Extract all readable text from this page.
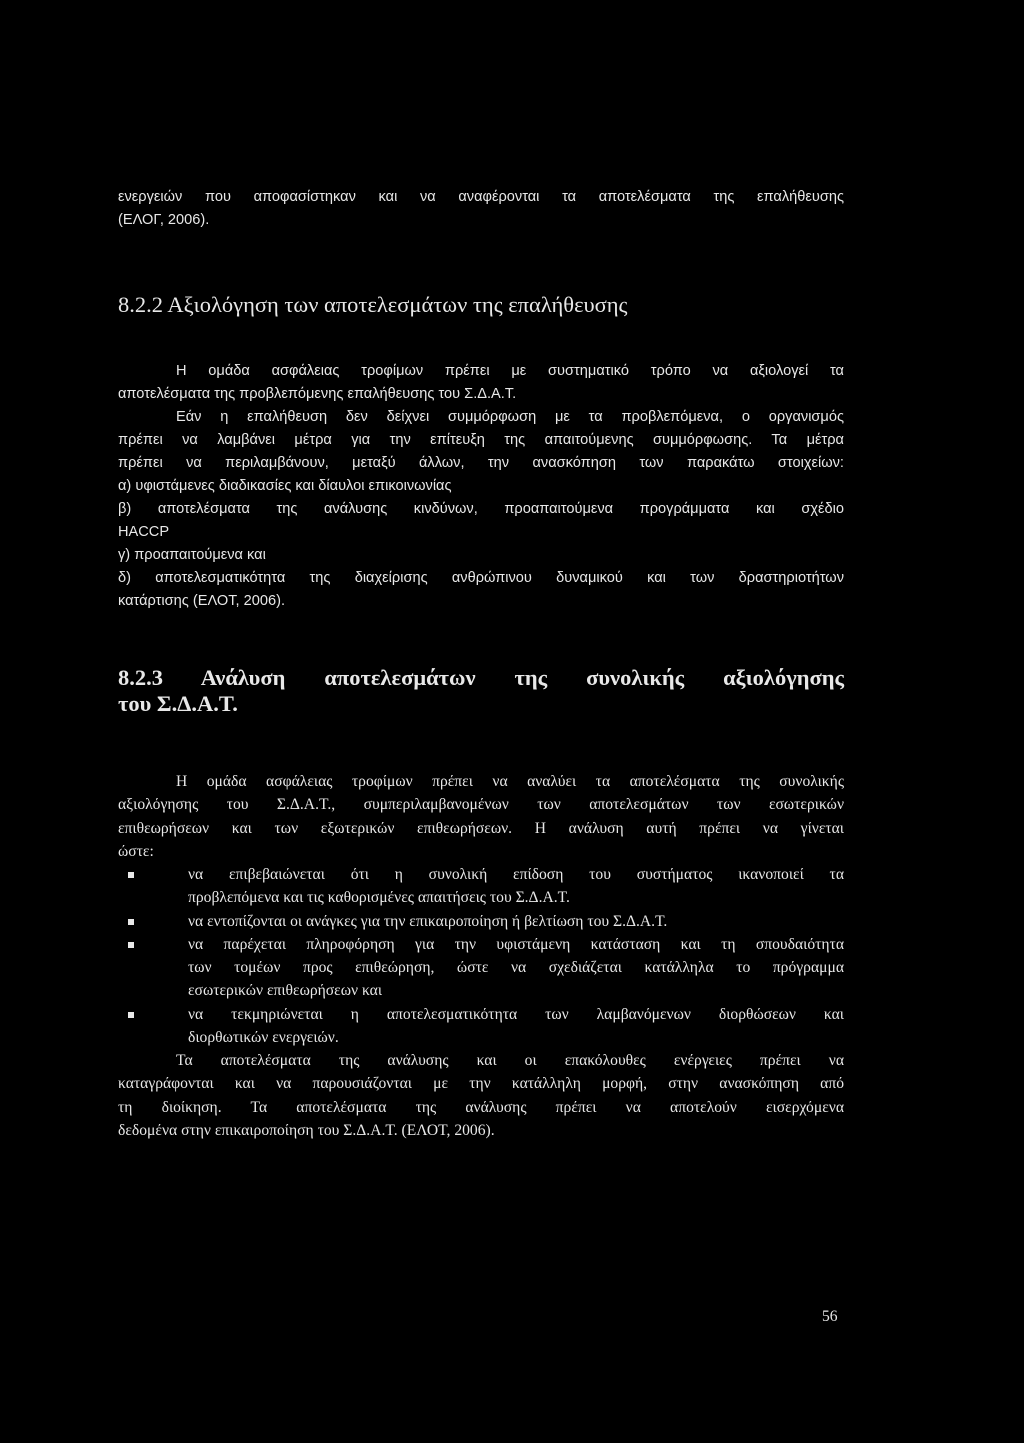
ενεργειών που αποφασίστηκαν και να αναφέρονται τα αποτελέσματα της επαλήθευσης
(ΕΛΟΓ, 2006).
8.2.2 Αξιολόγηση των αποτελεσμάτων της επαλήθευσης
Η ομάδα ασφάλειας τροφίμων πρέπει με συστηματικό τρόπο να αξιολογεί τα
αποτελέσματα της προβλεπόμενης επαλήθευσης του Σ.Δ.Α.Τ.
Εάν η επαλήθευση δεν δείχνει συμμόρφωση με τα προβλεπόμενα, ο οργανισμός
πρέπει να λαμβάνει μέτρα για την επίτευξη της απαιτούμενης συμμόρφωσης. Τα μέτρα
πρέπει να περιλαμβάνουν, μεταξύ άλλων, την ανασκόπηση των παρακάτω στοιχείων:
α) υφιστάμενες διαδικασίες και δίαυλοι επικοινωνίας
β) αποτελέσματα της ανάλυσης κινδύνων, προαπαιτούμενα προγράμματα και σχέδιο
HACCP
γ) προαπαιτούμενα και
δ) αποτελεσματικότητα της διαχείρισης ανθρώπινου δυναμικού και των δραστηριοτήτων
κατάρτισης (ΕΛΟΤ, 2006).
8.2.3 Ανάλυση αποτελεσμάτων της συνολικής αξιολόγησης
του Σ.Δ.Α.Τ.
Η ομάδα ασφάλειας τροφίμων πρέπει να αναλύει τα αποτελέσματα της συνολικής
αξιολόγησης του Σ.Δ.Α.Τ., συμπεριλαμβανομένων των αποτελεσμάτων των εσωτερικών
επιθεωρήσεων και των εξωτερικών επιθεωρήσεων. Η ανάλυση αυτή πρέπει να γίνεται
ώστε:
να επιβεβαιώνεται ότι η συνολική επίδοση του συστήματος ικανοποιεί τα
προβλεπόμενα και τις καθορισμένες απαιτήσεις του Σ.Δ.Α.Τ.
να εντοπίζονται οι ανάγκες για την επικαιροποίηση ή βελτίωση του Σ.Δ.Α.Τ.
να παρέχεται πληροφόρηση για την υφιστάμενη κατάσταση και τη σπουδαιότητα
των τομέων προς επιθεώρηση, ώστε να σχεδιάζεται κατάλληλα το πρόγραμμα
εσωτερικών επιθεωρήσεων και
να τεκμηριώνεται η αποτελεσματικότητα των λαμβανόμενων διορθώσεων και
διορθωτικών ενεργειών.
Τα αποτελέσματα της ανάλυσης και οι επακόλουθες ενέργειες πρέπει να
καταγράφονται και να παρουσιάζονται με την κατάλληλη μορφή, στην ανασκόπηση από
τη διοίκηση. Τα αποτελέσματα της ανάλυσης πρέπει να αποτελούν εισερχόμενα
δεδομένα στην επικαιροποίηση του Σ.Δ.Α.Τ. (ΕΛΟΤ, 2006).
56
